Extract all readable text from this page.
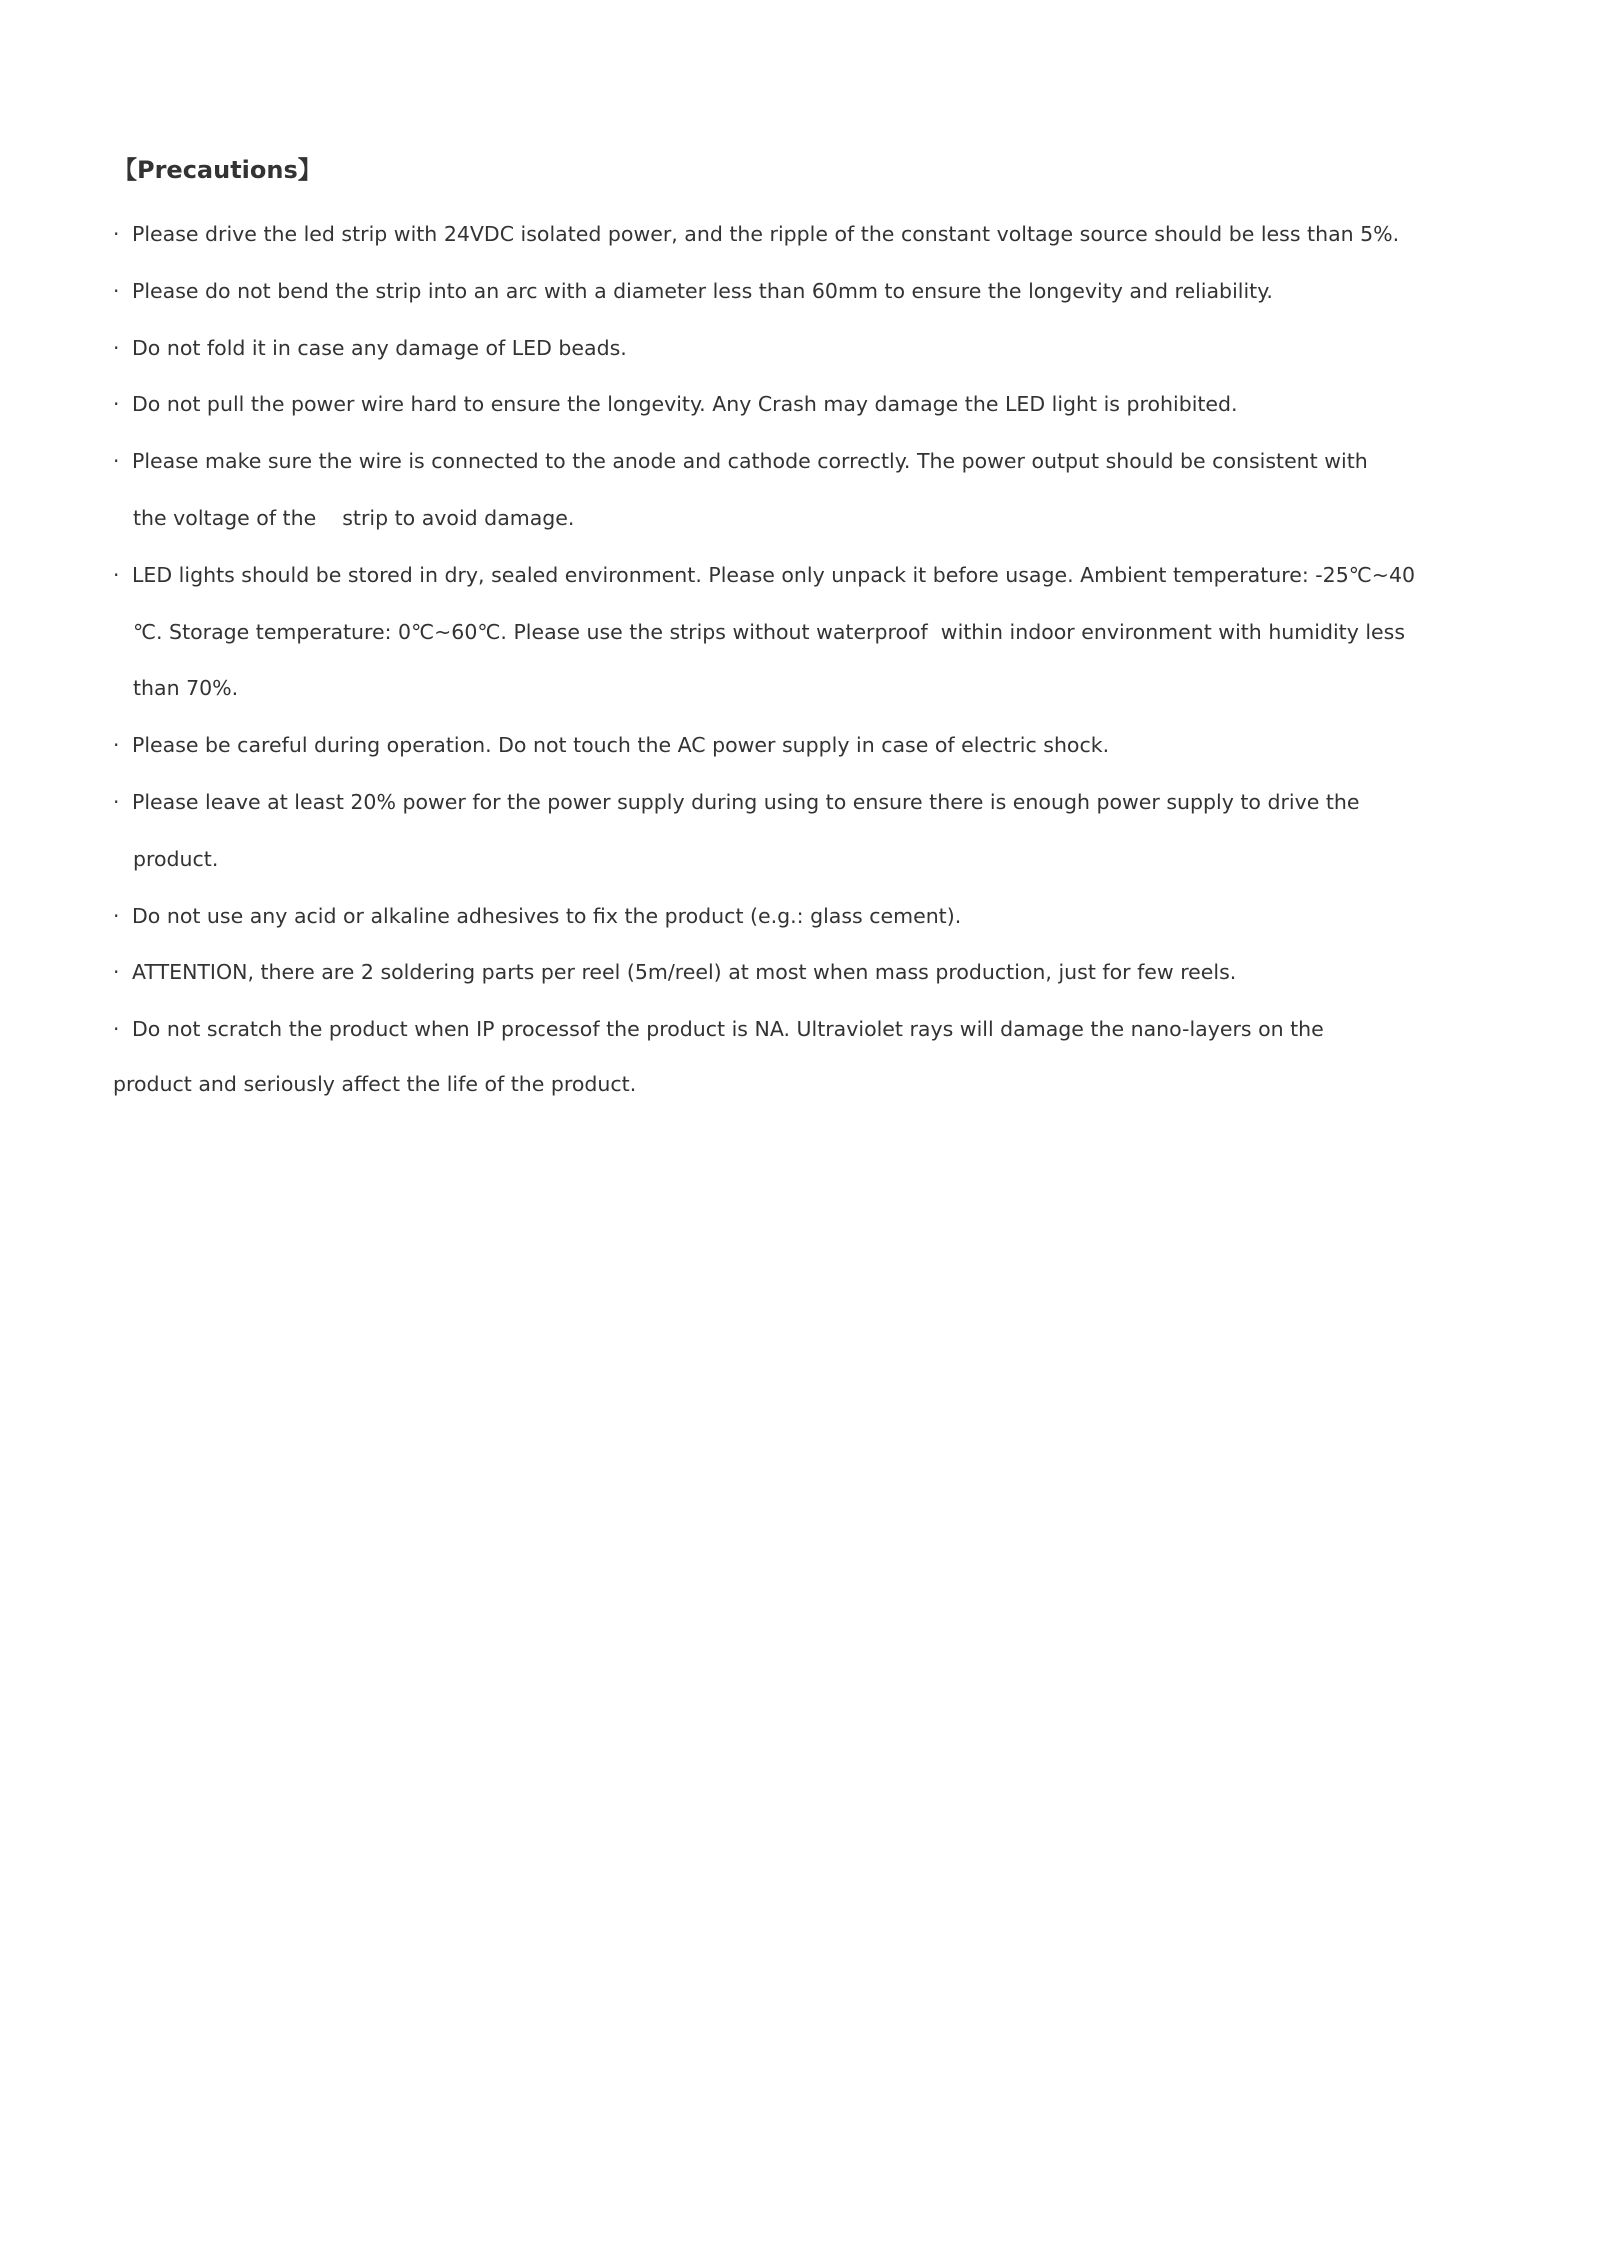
【Precautions】
· Please drive the led strip with 24VDC isolated power, and the ripple of the constant voltage source should be less than 5%.
· Please do not bend the strip into an arc with a diameter less than 60mm to ensure the longevity and reliability.
· Do not fold it in case any damage of LED beads.
· Do not pull the power wire hard to ensure the longevity. Any Crash may damage the LED light is prohibited.
· Please make sure the wire is connected to the anode and cathode correctly. The power output should be consistent with
the voltage of the    strip to avoid damage.
· LED lights should be stored in dry, sealed environment. Please only unpack it before usage. Ambient temperature: -25℃~40
℃. Storage temperature: 0℃~60℃. Please use the strips without waterproof  within indoor environment with humidity less
than 70%.
· Please be careful during operation. Do not touch the AC power supply in case of electric shock.
· Please leave at least 20% power for the power supply during using to ensure there is enough power supply to drive the
product.
· Do not use any acid or alkaline adhesives to fix the product (e.g.: glass cement).
· ATTENTION, there are 2 soldering parts per reel (5m/reel) at most when mass production, just for few reels.
· Do not scratch the product when IP processof the product is NA. Ultraviolet rays will damage the nano-layers on the
product and seriously affect the life of the product.
